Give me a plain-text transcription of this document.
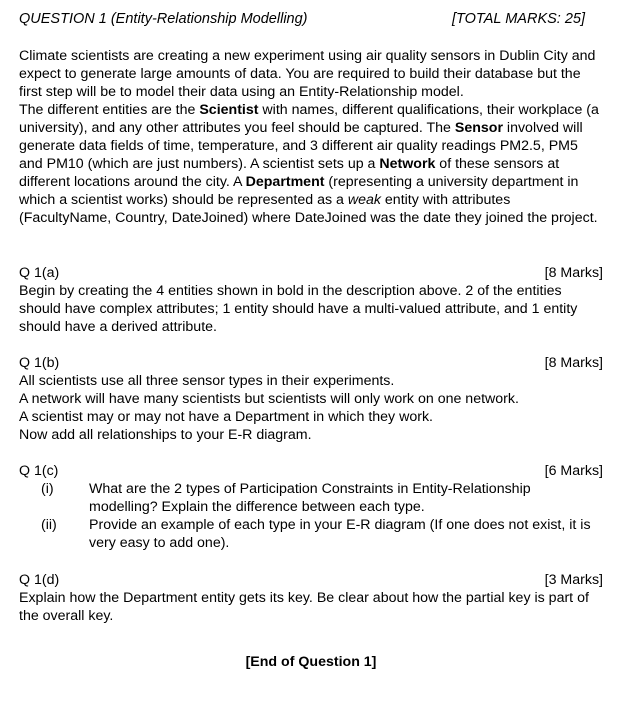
QUESTION 1 (Entity-Relationship Modelling)	[TOTAL MARKS: 25]

Climate scientists are creating a new experiment using air quality sensors in Dublin City and expect to generate large amounts of data. You are required to build their database but the first step will be to model their data using an Entity-Relationship model.

The different entities are the Scientist with names, different qualifications, their workplace (a university), and any other attributes you feel should be captured. The Sensor involved will generate data fields of time, temperature, and 3 different air quality readings PM2.5, PM5 and PM10 (which are just numbers). A scientist sets up a Network of these sensors at different locations around the city. A Department (representing a university department in which a scientist works) should be represented as a weak entity with attributes (FacultyName, Country, DateJoined) where DateJoined was the date they joined the project.

Q 1(a)	[8 Marks]

Begin by creating the 4 entities shown in bold in the description above. 2 of the entities should have complex attributes; 1 entity should have a multi-valued attribute, and 1 entity should have a derived attribute.

Q 1(b)	[8 Marks]

All scientists use all three sensor types in their experiments.

A network will have many scientists but scientists will only work on one network.

A scientist may or may not have a Department in which they work.

Now add all relationships to your E-R diagram.

Q 1(c)	[6 Marks]
(i)	What are the 2 types of Participation Constraints in Entity-Relationship modelling? Explain the difference between each type.
(ii)	Provide an example of each type in your E-R diagram (If one does not exist, it is very easy to add one).
Q 1(d)	[3 Marks]

Explain how the Department entity gets its key. Be clear about how the partial key is part of the overall key.

[End of Question 1]
